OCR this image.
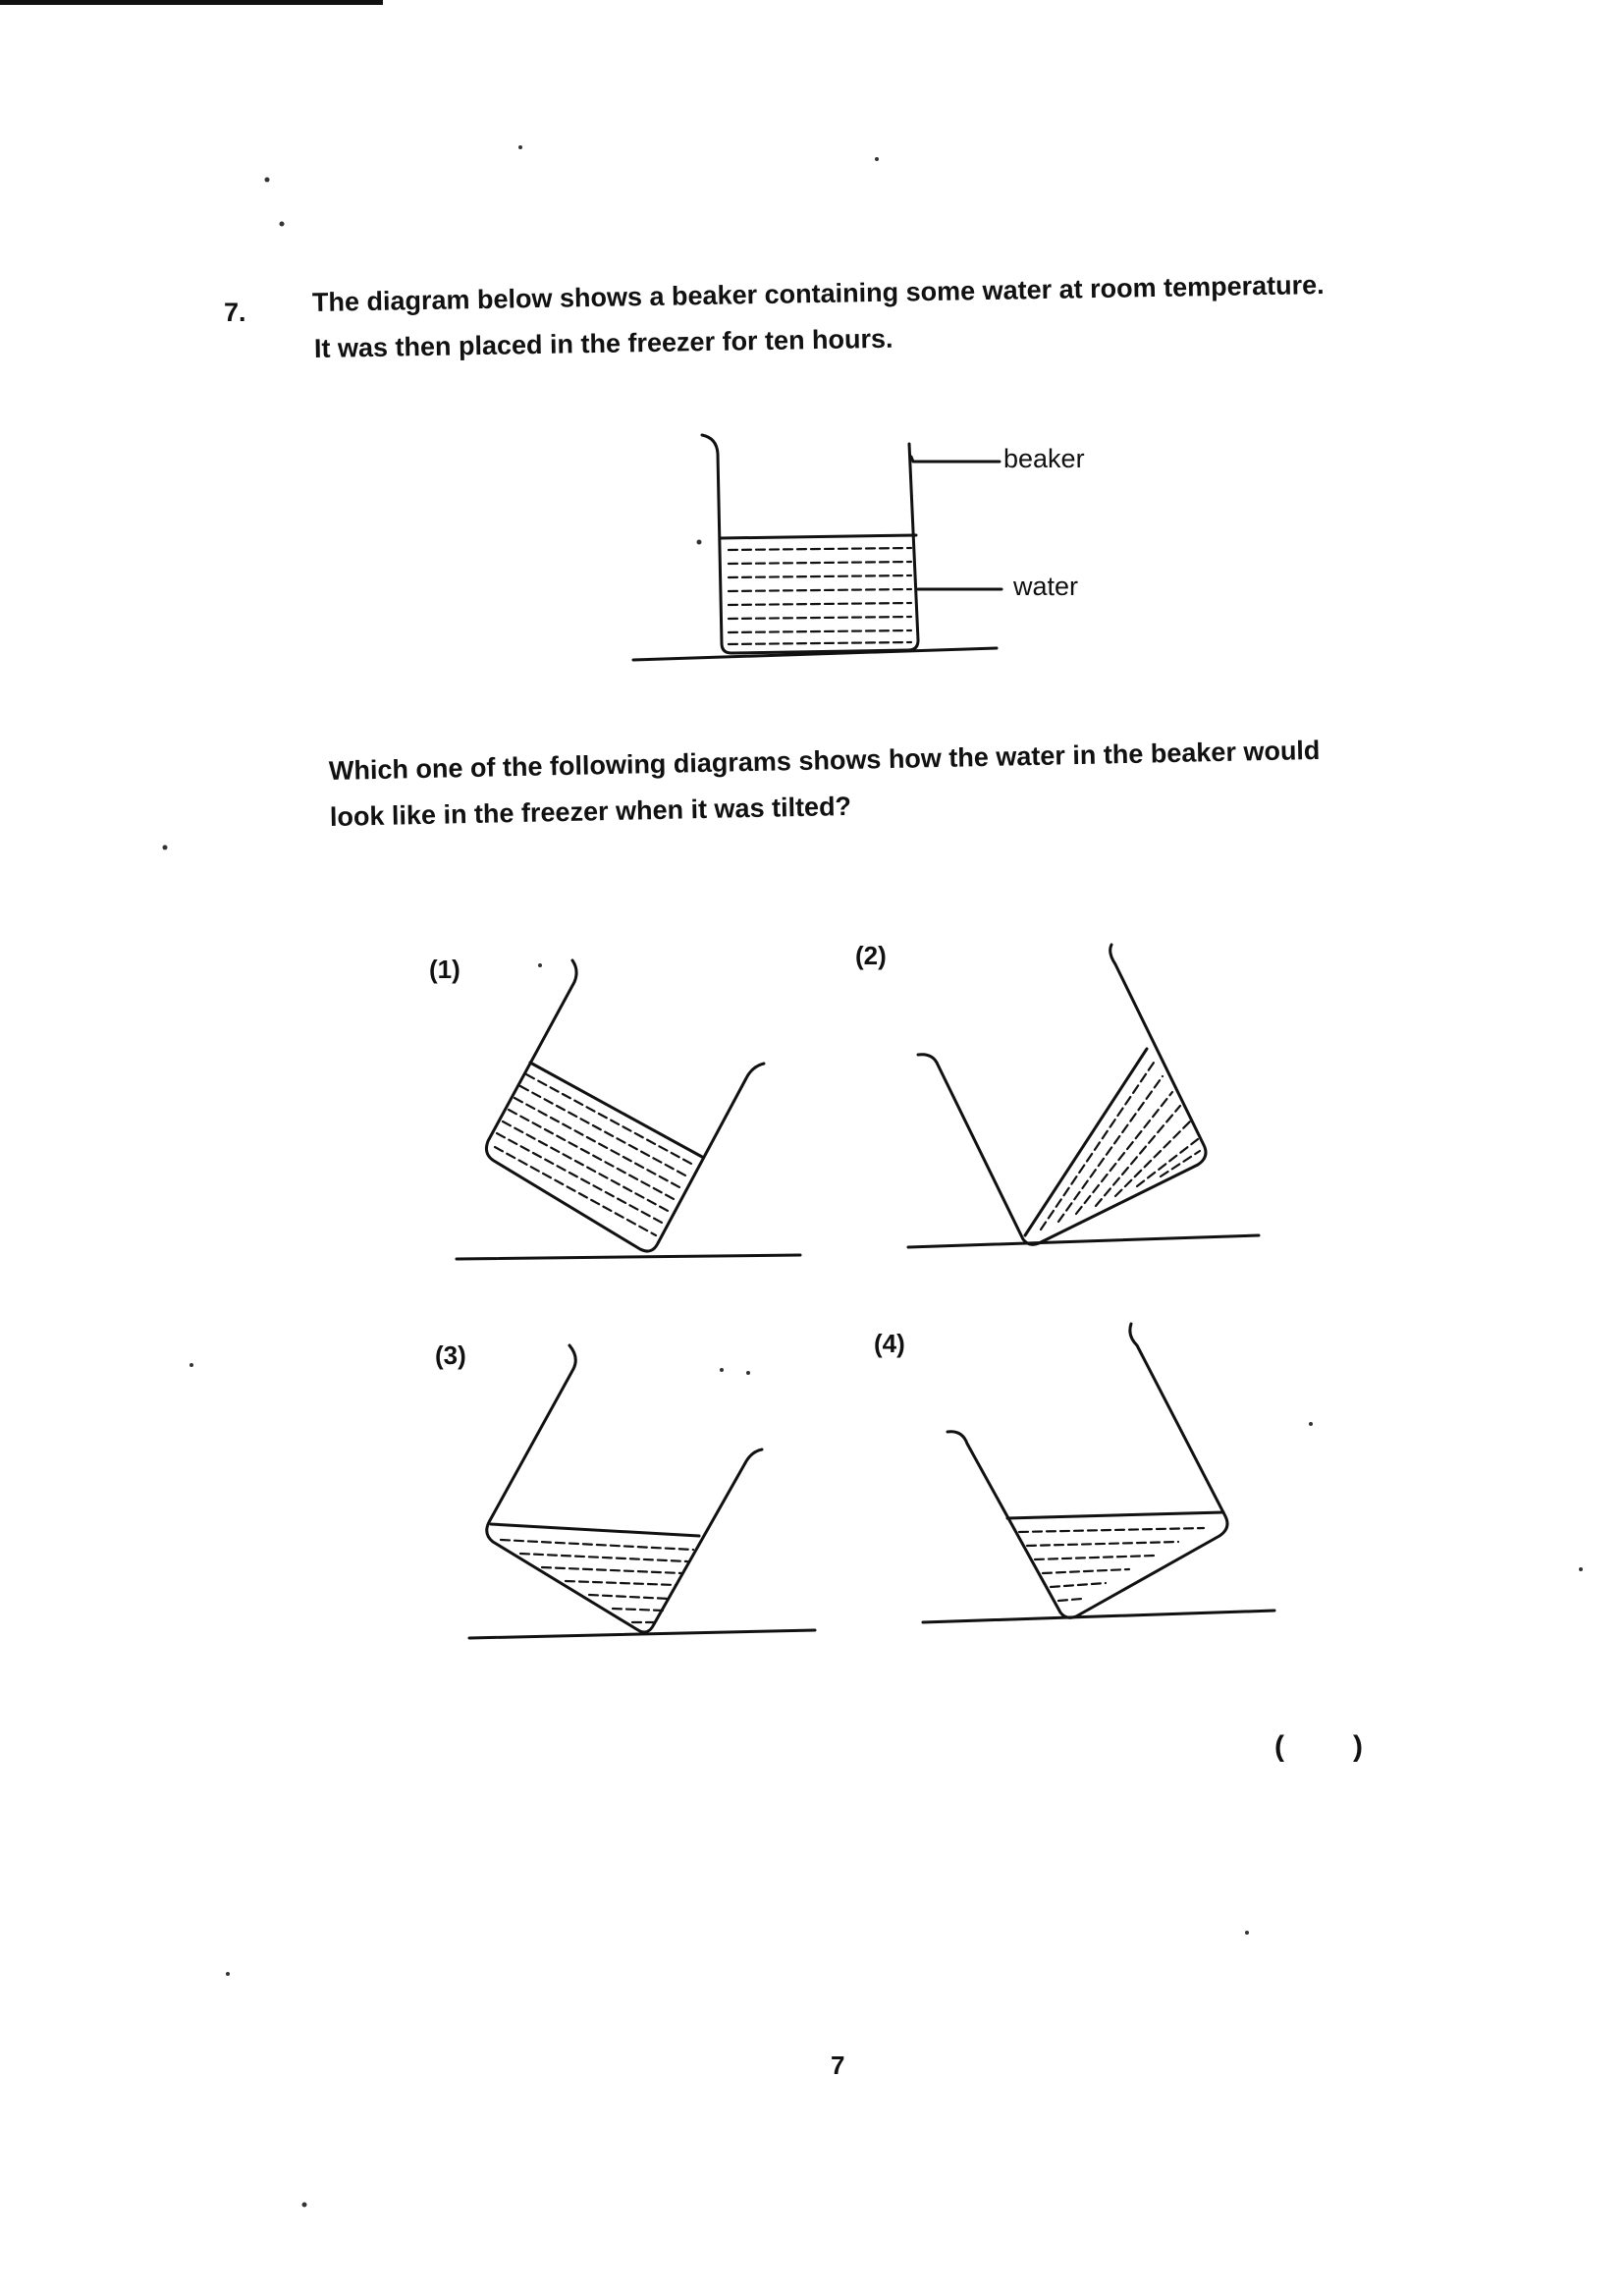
7. The diagram below shows a beaker containing some water at room temperature.
It was then placed in the freezer for ten hours.
beaker
water
Which one of the following diagrams shows how the water in the beaker would
look like in the freezer when it was tilted?
(1)	(2)
(3)	(4)
( )
7
